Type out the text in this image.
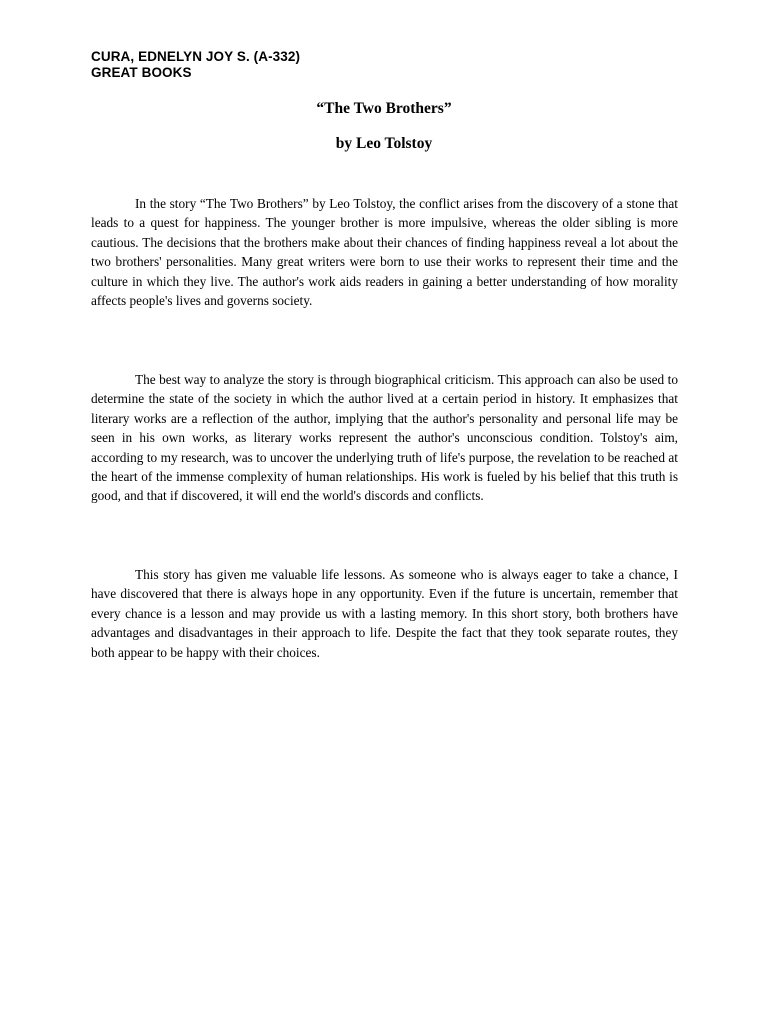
CURA, EDNELYN JOY S. (A-332)
GREAT BOOKS
“The Two Brothers”
by Leo Tolstoy

In the story “The Two Brothers” by Leo Tolstoy, the conflict arises from the discovery of a stone that leads to a quest for happiness. The younger brother is more impulsive, whereas the older sibling is more cautious. The decisions that the brothers make about their chances of finding happiness reveal a lot about the two brothers' personalities. Many great writers were born to use their works to represent their time and the culture in which they live. The author's work aids readers in gaining a better understanding of how morality affects people's lives and governs society.

The best way to analyze the story is through biographical criticism. This approach can also be used to determine the state of the society in which the author lived at a certain period in history. It emphasizes that literary works are a reflection of the author, implying that the author's personality and personal life may be seen in his own works, as literary works represent the author's unconscious condition. Tolstoy's aim, according to my research, was to uncover the underlying truth of life's purpose, the revelation to be reached at the heart of the immense complexity of human relationships. His work is fueled by his belief that this truth is good, and that if discovered, it will end the world's discords and conflicts.

This story has given me valuable life lessons. As someone who is always eager to take a chance, I have discovered that there is always hope in any opportunity. Even if the future is uncertain, remember that every chance is a lesson and may provide us with a lasting memory. In this short story, both brothers have advantages and disadvantages in their approach to life. Despite the fact that they took separate routes, they both appear to be happy with their choices.
